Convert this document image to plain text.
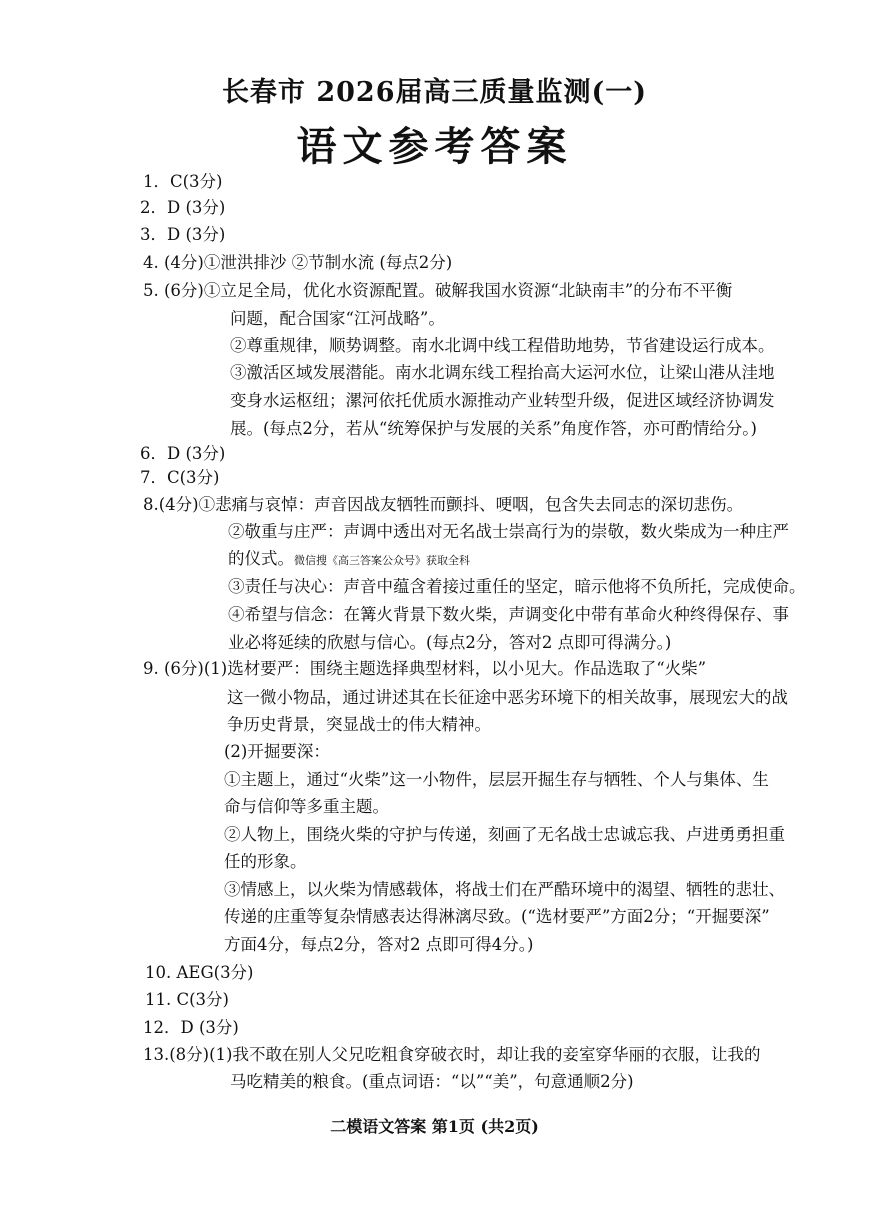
长春市 2026届高三质量监测(一)
语文参考答案
1．C(3分)
2．D (3分)
3．D (3分)
4. (4分)①泄洪排沙 ②节制水流 (每点2分)
5. (6分)①立足全局，优化水资源配置。破解我国水资源“北缺南丰”的分布不平衡
问题，配合国家“江河战略”。
②尊重规律，顺势调整。南水北调中线工程借助地势，节省建设运行成本。
③激活区域发展潜能。南水北调东线工程抬高大运河水位，让梁山港从洼地
变身水运枢纽；漯河依托优质水源推动产业转型升级，促进区域经济协调发
展。(每点2分，若从“统筹保护与发展的关系”角度作答，亦可酌情给分。)
6．D (3分)
7．C(3分)
8.(4分)①悲痛与哀悼：声音因战友牺牲而颤抖、哽咽，包含失去同志的深切悲伤。
②敬重与庄严：声调中透出对无名战士崇高行为的崇敬，数火柴成为一种庄严
的仪式。微信搜《高三答案公众号》获取全科
③责任与决心：声音中蕴含着接过重任的坚定，暗示他将不负所托，完成使命。
④希望与信念：在篝火背景下数火柴，声调变化中带有革命火种终得保存、事
业必将延续的欣慰与信心。(每点2分，答对2 点即可得满分。)
9. (6分)(1)选材要严：围绕主题选择典型材料，以小见大。作品选取了“火柴”
这一微小物品，通过讲述其在长征途中恶劣环境下的相关故事，展现宏大的战
争历史背景，突显战士的伟大精神。
(2)开掘要深：
①主题上，通过“火柴”这一小物件，层层开掘生存与牺牲、个人与集体、生
命与信仰等多重主题。
②人物上，围绕火柴的守护与传递，刻画了无名战士忠诚忘我、卢进勇勇担重
任的形象。
③情感上，以火柴为情感载体，将战士们在严酷环境中的渴望、牺牲的悲壮、
传递的庄重等复杂情感表达得淋漓尽致。(“选材要严”方面2分；“开掘要深”
方面4分，每点2分，答对2 点即可得4分。)
10. AEG(3分)
11. C(3分)
12．D (3分)
13.(8分)(1)我不敢在别人父兄吃粗食穿破衣时，却让我的妾室穿华丽的衣服，让我的
马吃精美的粮食。(重点词语：“以”“美”，句意通顺2分)
二模语文答案 第1页 (共2页)
